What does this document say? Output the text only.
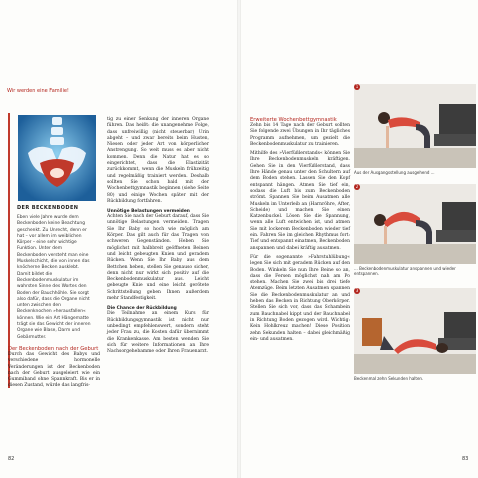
Wir werden eine Familie!
DER BECKENBODEN
Eben viele Jahre wurde dem Beckenboden keine Beachtung geschenkt. Zu Unrecht, denn er hat – vor allem im weiblichen Körper – eine sehr wichtige Funktion. Unter dem Beckenboden versteht man eine Muskelschicht, die von innen das knöcherne Becken ausklebt. Damit bildet die Beckenbodenmuskulatur im wahrsten Sinne des Wortes den Boden der Bauchhöhle. Sie sorgt also dafür, dass die Organe nicht unten zwischen den Beckenknochen »herausfallen« können. Wie ein Art Hängematte trägt sie das Gewicht der inneren Organe wie Blase, Darm und Gebärmutter.
Der Beckenboden nach der Geburt
Durch das Gewicht des Babys und verschiedene hormonelle Veränderungen ist der Beckenboden nach der Geburt ausgeleiert wie ein Gummiband ohne Spannkraft. Bis er in diesen Zustand, würde das langfris-
tig zu einer Senkung der inneren Organe führen. Das heißt: die unangenehme Folge, dass unfreiwillig (nicht steuerbar) Urin abgeht – und zwar bereits beim Husten, Niesen oder jeder Art von körperlicher Anstrengung. So weit muss es aber nicht kommen. Denn die Natur hat es so eingerichtet, dass die Elastizität zurückkommt, wenn die Muskeln frühzeitig und regelmäßig trainiert werden. Deshalb sollten Sie schon bald mit der Wochenbettgymnastik beginnen (siehe Seite 80) und einige Wochen später mit der Rückbildung fortfahren.
Unnötige Belastungen vermeiden
Achten Sie nach der Geburt darauf, dass Sie unnötige Belastungen vermeiden. Tragen Sie Ihr Baby so hoch wie möglich am Körper. Das gilt auch für das Tragen von schweren Gegenständen. Heben Sie möglichst mit halbbreit geöffneten Beinen und leicht gebeugten Knien und geradem Rücken. Wenn Sie Ihr Baby aus dem Bettchen heben, stellen Sie genauso sicher, denn nicht nur wirkt sich positiv auf die Beckenbodenmuskulatur aus. Leicht gebeugte Knie und eine leicht gerötete Schrittstellung geben Ihnen außerdem mehr Standfestigkeit.
Die Chance der Rückbildung
Die Teilnahme an einem Kurs für Rückbildungsgymnastik ist nicht nur unbedingt empfehlenswert, sondern steht jeder Frau zu, die Kosten dafür übernimmt die Krankenkasse. Am besten wenden Sie sich für weitere Informationen an Ihre Nachsorgehebamme oder Ihren Frauenarzt.
82	83
Erweiterte Wochenbettgymnastik
Zehn bis 14 Tage nach der Geburt sollten Sie folgende zwei Übungen in Ihr tägliches Programm aufnehmen, um gezielt die Beckenbodenmuskulatur zu trainieren.
Mithilfe des »Vierfüßlerstands« können Sie Ihre Beckenbodenmuskeln kräftigen. Gehen Sie in den Vierfüßlerstand, dass Ihre Hände genau unter den Schultern auf dem Boden stehen. Lassen Sie den Kopf entspannt hängen. Atmen Sie tief ein, sodass die Luft bis zum Beckenboden strömt. Spannen Sie beim Ausatmen alle Muskeln im Unterleib an (Harnröhre, After, Scheide) und machen Sie einen Katzenbuckel. Lösen Sie die Spannung, wenn alle Luft entwichen ist, und atmen Sie mit lockerem Beckenboden wieder tief ein. Fahren Sie im gleichen Rhythmus fort: Tief und entspannt einatmen, Beckenboden anspannen und dabei kräftig ausatmen.
Für die sogenannte »Fahrstuhlübung« legen Sie sich mit geradem Rücken auf den Boden. Winkeln Sie nun Ihre Beine so an, dass die Fersen möglichst nah am Po stehen. Machen Sie zwei bis drei tiefe Atemzüge. Beim letzten Ausatmen spannen Sie die Beckenbodenmuskulatur an und heben das Becken in Richtung Oberkörper. Stellen Sie sich vor, dass das Schambein zum Bauchnabel kippt und der Bauchnabel in Richtung Boden gezogen wird. Wichtig: Kein Hohlkreuz machen! Diese Position zehn Sekunden halten – dabei gleichmäßig ein- und ausatmen.
1
Aus der Ausgangsstellung ausgehend ...
2
... Beckenbodenmuskulatur anspannen und wieder entspannen.
3
Beckenmal zehn Sekunden halten.
